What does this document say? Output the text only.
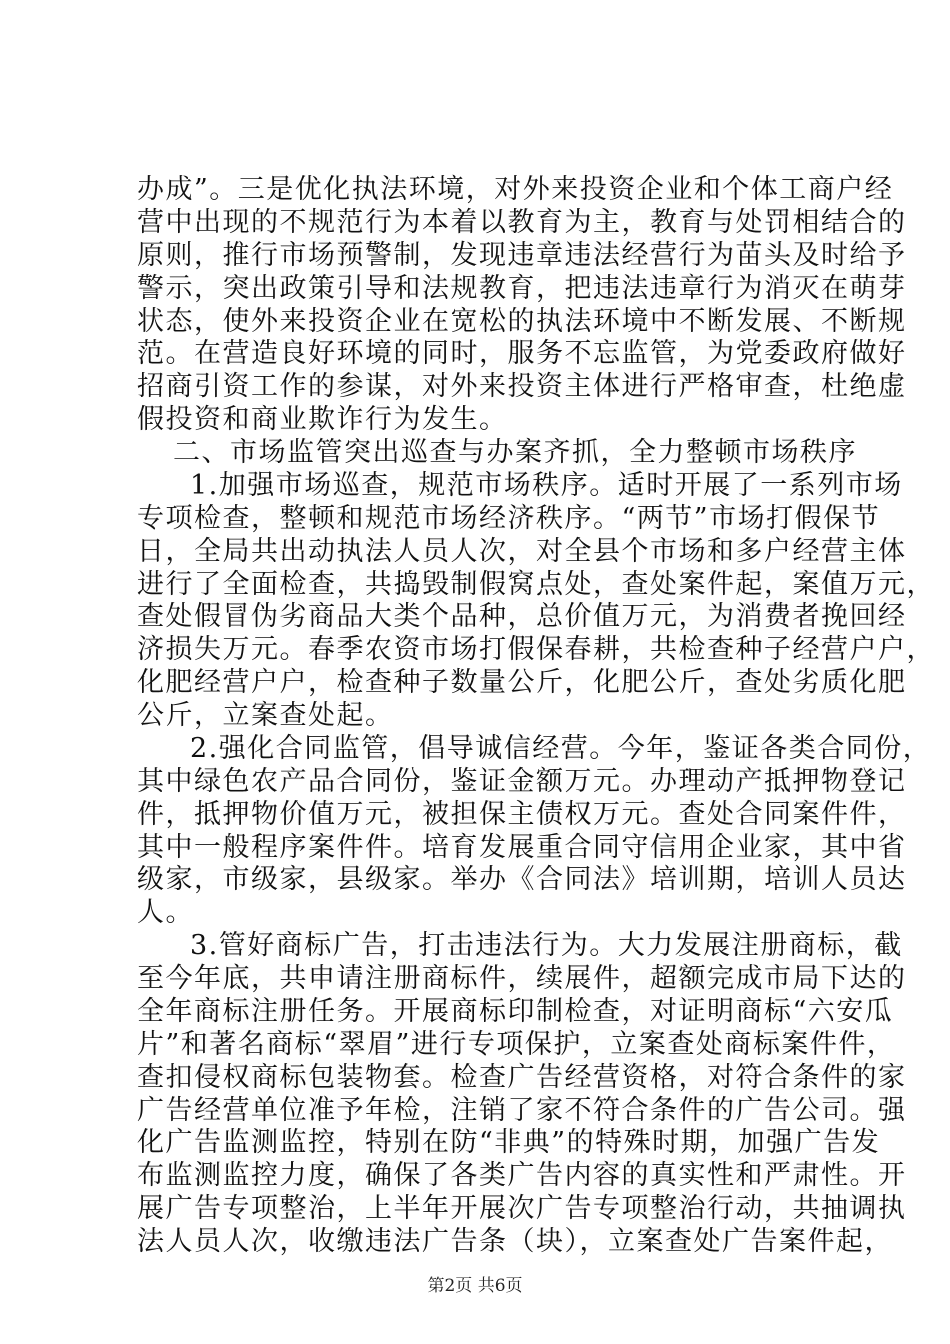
办成”。三是优化执法环境，对外来投资企业和个体工商户经
营中出现的不规范行为本着以教育为主，教育与处罚相结合的
原则，推行市场预警制，发现违章违法经营行为苗头及时给予
警示，突出政策引导和法规教育，把违法违章行为消灭在萌芽
状态，使外来投资企业在宽松的执法环境中不断发展、不断规
范。在营造良好环境的同时，服务不忘监管，为党委政府做好
招商引资工作的参谋，对外来投资主体进行严格审查，杜绝虚
假投资和商业欺诈行为发生。
二、市场监管突出巡查与办案齐抓，全力整顿市场秩序
1.加强市场巡查，规范市场秩序。适时开展了一系列市场
专项检查，整顿和规范市场经济秩序。“两节”市场打假保节
日，全局共出动执法人员人次，对全县个市场和多户经营主体
进行了全面检查，共捣毁制假窝点处，查处案件起，案值万元，
查处假冒伪劣商品大类个品种，总价值万元，为消费者挽回经
济损失万元。春季农资市场打假保春耕，共检查种子经营户户，
化肥经营户户，检查种子数量公斤，化肥公斤，查处劣质化肥
公斤，立案查处起。
2.强化合同监管，倡导诚信经营。今年，鉴证各类合同份，
其中绿色农产品合同份，鉴证金额万元。办理动产抵押物登记
件，抵押物价值万元，被担保主债权万元。查处合同案件件，
其中一般程序案件件。培育发展重合同守信用企业家，其中省
级家，市级家，县级家。举办《合同法》培训期，培训人员达
人。
3.管好商标广告，打击违法行为。大力发展注册商标，截
至今年底，共申请注册商标件，续展件，超额完成市局下达的
全年商标注册任务。开展商标印制检查，对证明商标“六安瓜
片”和著名商标“翠眉”进行专项保护，立案查处商标案件件，
查扣侵权商标包装物套。检查广告经营资格，对符合条件的家
广告经营单位准予年检，注销了家不符合条件的广告公司。强
化广告监测监控，特别在防“非典”的特殊时期，加强广告发
布监测监控力度，确保了各类广告内容的真实性和严肃性。开
展广告专项整治，上半年开展次广告专项整治行动，共抽调执
法人员人次，收缴违法广告条（块），立案查处广告案件起，
第2页 共6页
